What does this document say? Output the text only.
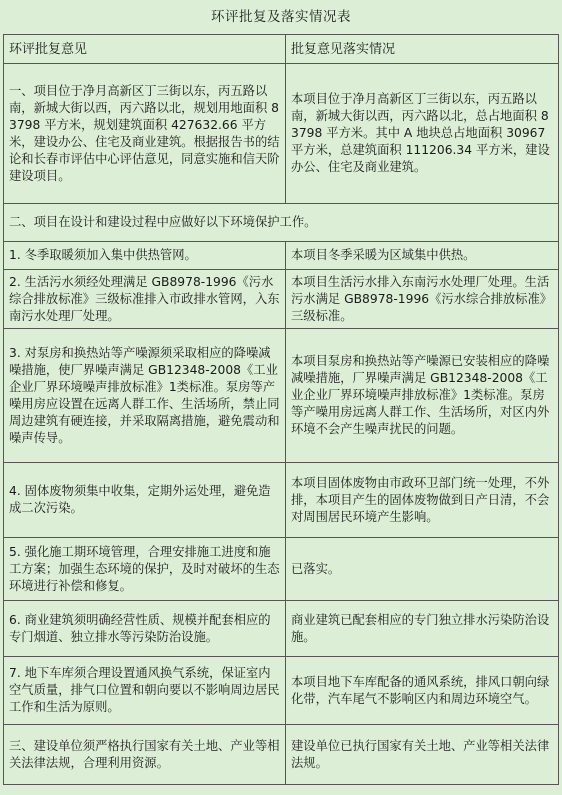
环评批复及落实情况表
环评批复意见	批复意见落实情况
一、项目位于净月高新区丁三街以东，丙五路以南，新城大街以西，丙六路以北，规划用地面积 83798 平方米，规划建筑面积 427632.66 平方米，建设办公、住宅及商业建筑。根据报告书的结论和长春市评估中心评估意见，同意实施和信天阶建设项目。	本项目位于净月高新区丁三街以东，丙五路以南，新城大街以西，丙六路以北，总占地面积 83798 平方米。其中 A 地块总占地面积 30967 平方米，总建筑面积 111206.34 平方米，建设办公、住宅及商业建筑。
二、项目在设计和建设过程中应做好以下环境保护工作。	
1. 冬季取暖须加入集中供热管网。	本项目冬季采暖为区域集中供热。
2. 生活污水须经处理满足 GB8978-1996《污水综合排放标准》三级标准排入市政排水管网，入东南污水处理厂处理。	本项目生活污水排入东南污水处理厂处理。生活污水满足 GB8978-1996《污水综合排放标准》三级标准。
3. 对泵房和换热站等产噪源须采取相应的降噪减噪措施，使厂界噪声满足 GB12348-2008《工业企业厂界环境噪声排放标准》1类标准。泵房等产噪用房应设置在远离人群工作、生活场所，禁止同周边建筑有硬连接，并采取隔离措施，避免震动和噪声传导。	本项目泵房和换热站等产噪源已安装相应的降噪减噪措施，厂界噪声满足 GB12348-2008《工业企业厂界环境噪声排放标准》1类标准。泵房等产噪用房远离人群工作、生活场所，对区内外环境不会产生噪声扰民的问题。
4. 固体废物须集中收集，定期外运处理，避免造成二次污染。	本项目固体废物由市政环卫部门统一处理，不外排，本项目产生的固体废物做到日产日清，不会对周围居民环境产生影响。
5. 强化施工期环境管理，合理安排施工进度和施工方案；加强生态环境的保护，及时对破坏的生态环境进行补偿和修复。	已落实。
6. 商业建筑须明确经营性质、规模并配套相应的专门烟道、独立排水等污染防治设施。	商业建筑已配套相应的专门独立排水污染防治设施。
7. 地下车库须合理设置通风换气系统，保证室内空气质量，排气口位置和朝向要以不影响周边居民工作和生活为原则。	本项目地下车库配备的通风系统，排风口朝向绿化带，汽车尾气不影响区内和周边环境空气。
三、建设单位须严格执行国家有关土地、产业等相关法律法规，合理利用资源。	建设单位已执行国家有关土地、产业等相关法律法规。
